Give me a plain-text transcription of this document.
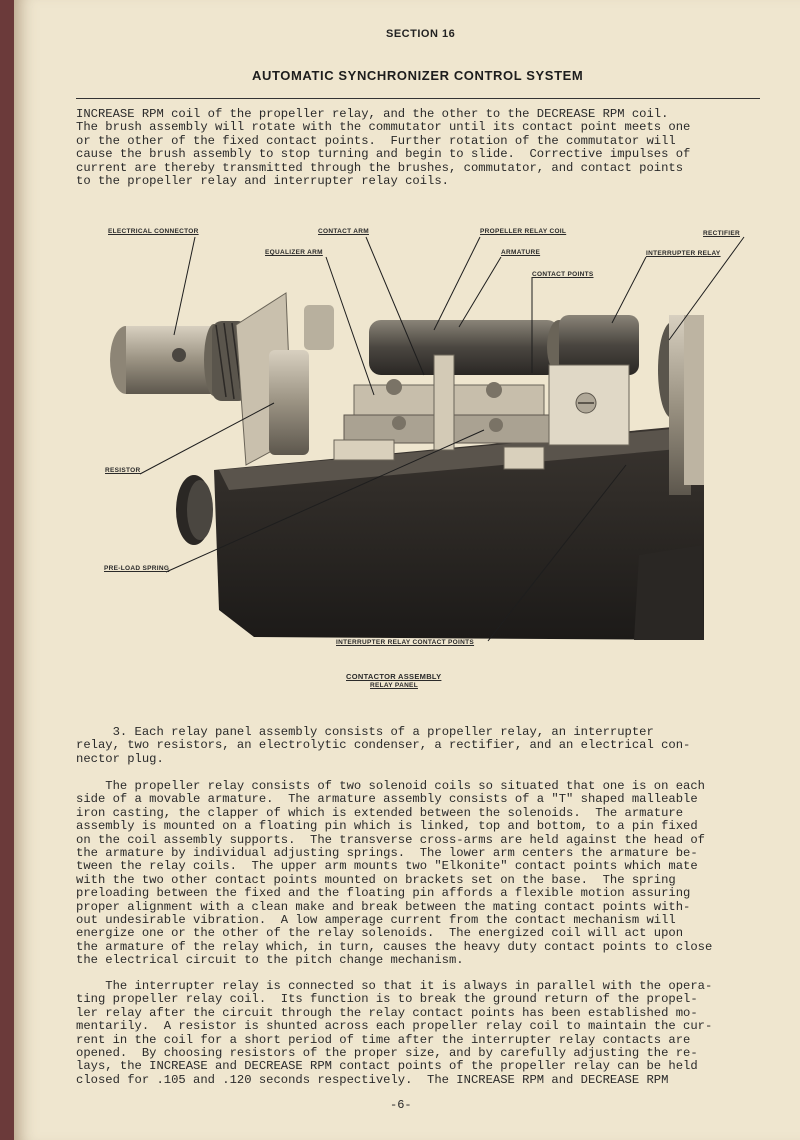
SECTION 16
AUTOMATIC SYNCHRONIZER CONTROL SYSTEM

INCREASE RPM coil of the propeller relay, and the other to the DECREASE RPM coil.
The brush assembly will rotate with the commutator until its contact point meets one
or the other of the fixed contact points.  Further rotation of the commutator will
cause the brush assembly to stop turning and begin to slide.  Corrective impulses of
current are thereby transmitted through the brushes, commutator, and contact points
to the propeller relay and interrupter relay coils.

ELECTRICAL CONNECTOR	CONTACT ARM	PROPELLER RELAY COIL	RECTIFIER
EQUALIZER ARM	ARMATURE	INTERRUPTER RELAY
CONTACT POINTS
RESISTOR
PRE-LOAD SPRING
INTERRUPTER RELAY CONTACT POINTS
CONTACTOR ASSEMBLY
RELAY PANEL

3. Each relay panel assembly consists of a propeller relay, an interrupter
relay, two resistors, an electrolytic condenser, a rectifier, and an electrical con-
nector plug.

The propeller relay consists of two solenoid coils so situated that one is on each
side of a movable armature.  The armature assembly consists of a "T" shaped malleable
iron casting, the clapper of which is extended between the solenoids.  The armature
assembly is mounted on a floating pin which is linked, top and bottom, to a pin fixed
on the coil assembly supports.  The transverse cross-arms are held against the head of
the armature by individual adjusting springs.  The lower arm centers the armature be-
tween the relay coils.  The upper arm mounts two "Elkonite" contact points which mate
with the two other contact points mounted on brackets set on the base.  The spring
preloading between the fixed and the floating pin affords a flexible motion assuring
proper alignment with a clean make and break between the mating contact points with-
out undesirable vibration.  A low amperage current from the contact mechanism will
energize one or the other of the relay solenoids.  The energized coil will act upon
the armature of the relay which, in turn, causes the heavy duty contact points to close
the electrical circuit to the pitch change mechanism.

The interrupter relay is connected so that it is always in parallel with the opera-
ting propeller relay coil.  Its function is to break the ground return of the propel-
ler relay after the circuit through the relay contact points has been established mo-
mentarily.  A resistor is shunted across each propeller relay coil to maintain the cur-
rent in the coil for a short period of time after the interrupter relay contacts are
opened.  By choosing resistors of the proper size, and by carefully adjusting the re-
lays, the INCREASE and DECREASE RPM contact points of the propeller relay can be held
closed for .105 and .120 seconds respectively.  The INCREASE RPM and DECREASE RPM

-6-
